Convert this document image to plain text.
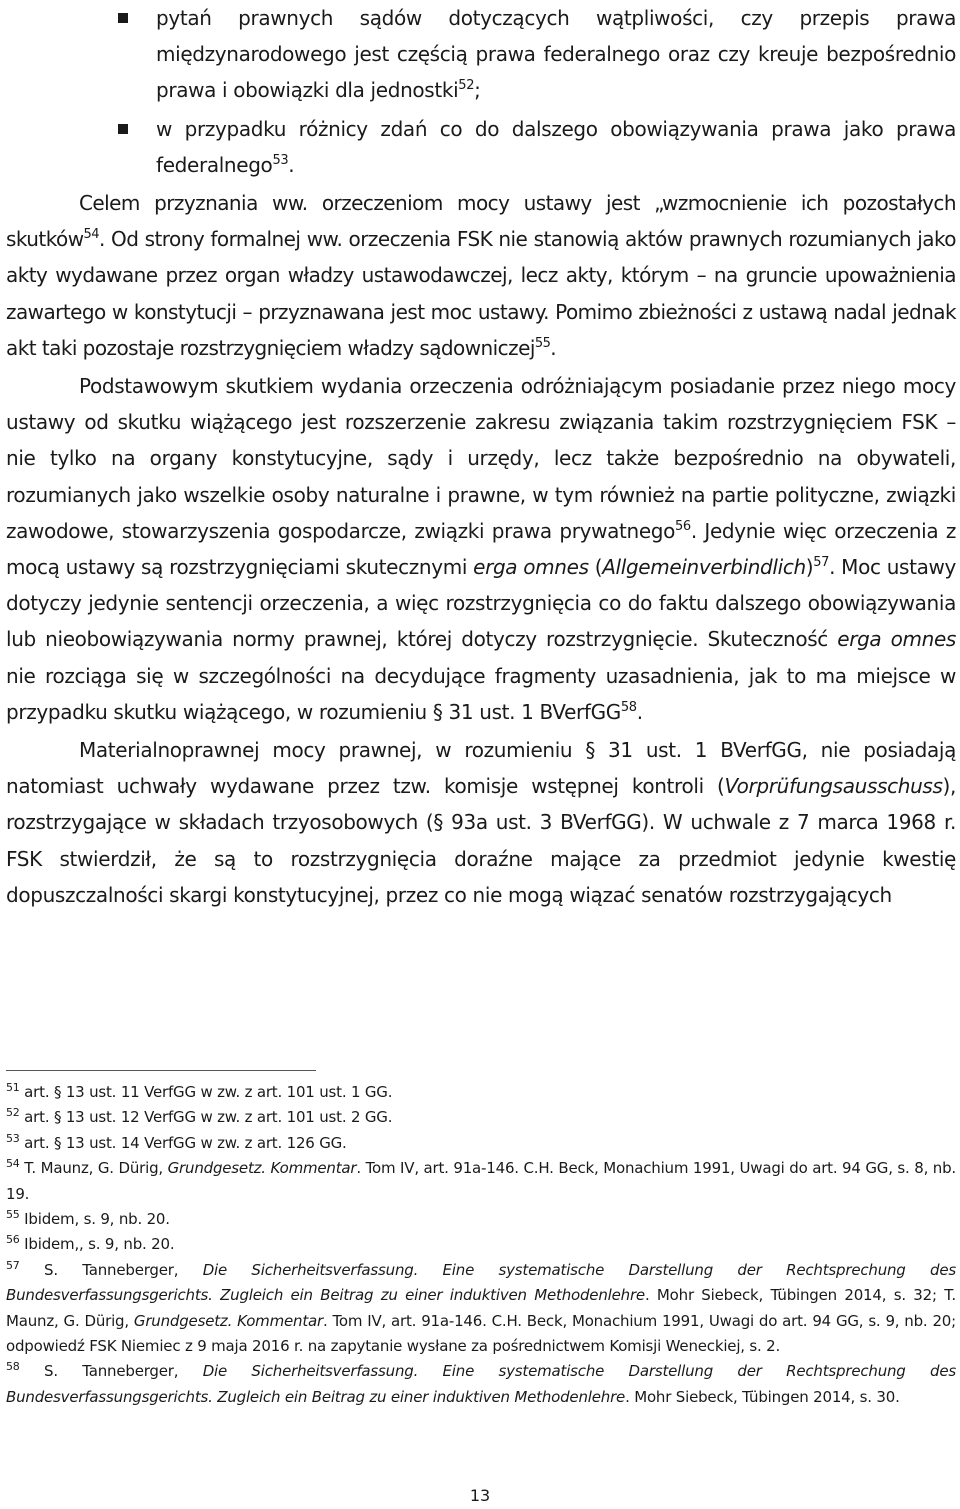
pytań prawnych sądów dotyczących wątpliwości, czy przepis prawa międzynarodowego jest częścią prawa federalnego oraz czy kreuje bezpośrednio prawa i obowiązki dla jednostki$^{52}$;

w przypadku różnicy zdań co do dalszego obowiązywania prawa jako prawa federalnego$^{53}$.

Celem przyznania ww. orzeczeniom mocy ustawy jest „wzmocnienie ich pozostałych skutków$^{54}$. Od strony formalnej ww. orzeczenia FSK nie stanowią aktów prawnych rozumianych jako akty wydawane przez organ władzy ustawodawczej, lecz akty, którym – na gruncie upoważnienia zawartego w konstytucji – przyznawana jest moc ustawy. Pomimo zbieżności z ustawą nadal jednak akt taki pozostaje rozstrzygnięciem władzy sądowniczej$^{55}$.

Podstawowym skutkiem wydania orzeczenia odróżniającym posiadanie przez niego mocy ustawy od skutku wiążącego jest rozszerzenie zakresu związania takim rozstrzygnięciem FSK – nie tylko na organy konstytucyjne, sądy i urzędy, lecz także bezpośrednio na obywateli, rozumianych jako wszelkie osoby naturalne i prawne, w tym również na partie polityczne, związki zawodowe, stowarzyszenia gospodarcze, związki prawa prywatnego$^{56}$. Jedynie więc orzeczenia z mocą ustawy są rozstrzygnięciami skutecznymi erga omnes (Allgemeinverbindlich)$^{57}$. Moc ustawy dotyczy jedynie sentencji orzeczenia, a więc rozstrzygnięcia co do faktu dalszego obowiązywania lub nieobowiązywania normy prawnej, której dotyczy rozstrzygnięcie. Skuteczność erga omnes nie rozciąga się w szczególności na decydujące fragmenty uzasadnienia, jak to ma miejsce w przypadku skutku wiążącego, w rozumieniu § 31 ust. 1 BVerfGG$^{58}$.

Materialnoprawnej mocy prawnej, w rozumieniu § 31 ust. 1 BVerfGG, nie posiadają natomiast uchwały wydawane przez tzw. komisje wstępnej kontroli (Vorprüfungsausschuss), rozstrzygające w składach trzyosobowych (§ 93a ust. 3 BVerfGG). W uchwale z 7 marca 1968 r. FSK stwierdził, że są to rozstrzygnięcia doraźne mające za przedmiot jedynie kwestię dopuszczalności skargi konstytucyjnej, przez co nie mogą wiązać senatów rozstrzygających

$^{51}$ art. § 13 ust. 11 VerfGG w zw. z art. 101 ust. 1 GG.

$^{52}$ art. § 13 ust. 12 VerfGG w zw. z art. 101 ust. 2 GG.

$^{53}$ art. § 13 ust. 14 VerfGG w zw. z art. 126 GG.

$^{54}$ T. Maunz, G. Dürig, Grundgesetz. Kommentar. Tom IV, art. 91a-146. C.H. Beck, Monachium 1991, Uwagi do art. 94 GG, s. 8, nb. 19.

$^{55}$ Ibidem, s. 9, nb. 20.

$^{56}$ Ibidem,, s. 9, nb. 20.

$^{57}$ S. Tanneberger, Die Sicherheitsverfassung. Eine systematische Darstellung der Rechtsprechung des Bundesverfassungsgerichts. Zugleich ein Beitrag zu einer induktiven Methodenlehre. Mohr Siebeck, Tübingen 2014, s. 32; T. Maunz, G. Dürig, Grundgesetz. Kommentar. Tom IV, art. 91a-146. C.H. Beck, Monachium 1991, Uwagi do art. 94 GG, s. 9, nb. 20; odpowiedź FSK Niemiec z 9 maja 2016 r. na zapytanie wysłane za pośrednictwem Komisji Weneckiej, s. 2.

$^{58}$ S. Tanneberger, Die Sicherheitsverfassung. Eine systematische Darstellung der Rechtsprechung des Bundesverfassungsgerichts. Zugleich ein Beitrag zu einer induktiven Methodenlehre. Mohr Siebeck, Tübingen 2014, s. 30.

13
